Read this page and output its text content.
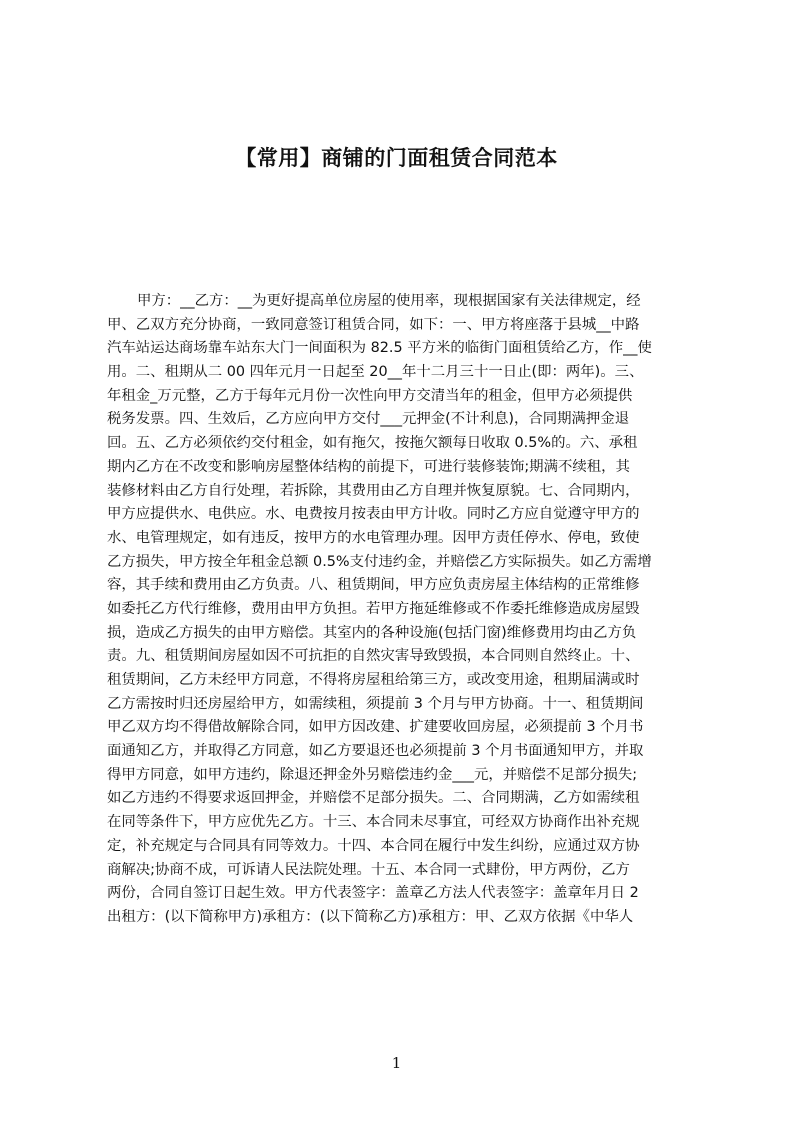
【常用】商铺的门面租赁合同范本
甲方：__乙方：__为更好提高单位房屋的使用率，现根据国家有关法律规定，经
甲、乙双方充分协商，一致同意签订租赁合同，如下：一、甲方将座落于县城__中路
汽车站运达商场靠车站东大门一间面积为 82.5 平方米的临街门面租赁给乙方，作__使
用。二、租期从二 00 四年元月一日起至 20__年十二月三十一日止(即：两年)。三、
年租金_万元整，乙方于每年元月份一次性向甲方交清当年的租金，但甲方必须提供
税务发票。四、生效后，乙方应向甲方交付___元押金(不计利息)，合同期满押金退
回。五、乙方必须依约交付租金，如有拖欠，按拖欠额每日收取 0.5%的。六、承租
期内乙方在不改变和影响房屋整体结构的前提下，可进行装修装饰;期满不续租，其
装修材料由乙方自行处理，若拆除，其费用由乙方自理并恢复原貌。七、合同期内，
甲方应提供水、电供应。水、电费按月按表由甲方计收。同时乙方应自觉遵守甲方的
水、电管理规定，如有违反，按甲方的水电管理办理。因甲方责任停水、停电，致使
乙方损失，甲方按全年租金总额 0.5%支付违约金，并赔偿乙方实际损失。如乙方需增
容，其手续和费用由乙方负责。八、租赁期间，甲方应负责房屋主体结构的正常维修
如委托乙方代行维修，费用由甲方负担。若甲方拖延维修或不作委托维修造成房屋毁
损，造成乙方损失的由甲方赔偿。其室内的各种设施(包括门窗)维修费用均由乙方负
责。九、租赁期间房屋如因不可抗拒的自然灾害导致毁损，本合同则自然终止。十、
租赁期间，乙方未经甲方同意，不得将房屋租给第三方，或改变用途，租期届满或时
乙方需按时归还房屋给甲方，如需续租，须提前 3 个月与甲方协商。十一、租赁期间
甲乙双方均不得借故解除合同，如甲方因改建、扩建要收回房屋，必须提前 3 个月书
面通知乙方，并取得乙方同意，如乙方要退还也必须提前 3 个月书面通知甲方，并取
得甲方同意，如甲方违约，除退还押金外另赔偿违约金___元，并赔偿不足部分损失;
如乙方违约不得要求返回押金，并赔偿不足部分损失。二、合同期满，乙方如需续租
在同等条件下，甲方应优先乙方。十三、本合同未尽事宜，可经双方协商作出补充规
定，补充规定与合同具有同等效力。十四、本合同在履行中发生纠纷，应通过双方协
商解决;协商不成，可诉请人民法院处理。十五、本合同一式肆份，甲方两份，乙方
两份，合同自签订日起生效。甲方代表签字：盖章乙方法人代表签字：盖章年月日 2
出租方：(以下简称甲方)承租方：(以下简称乙方)承租方：甲、乙双方依据《中华人
1
